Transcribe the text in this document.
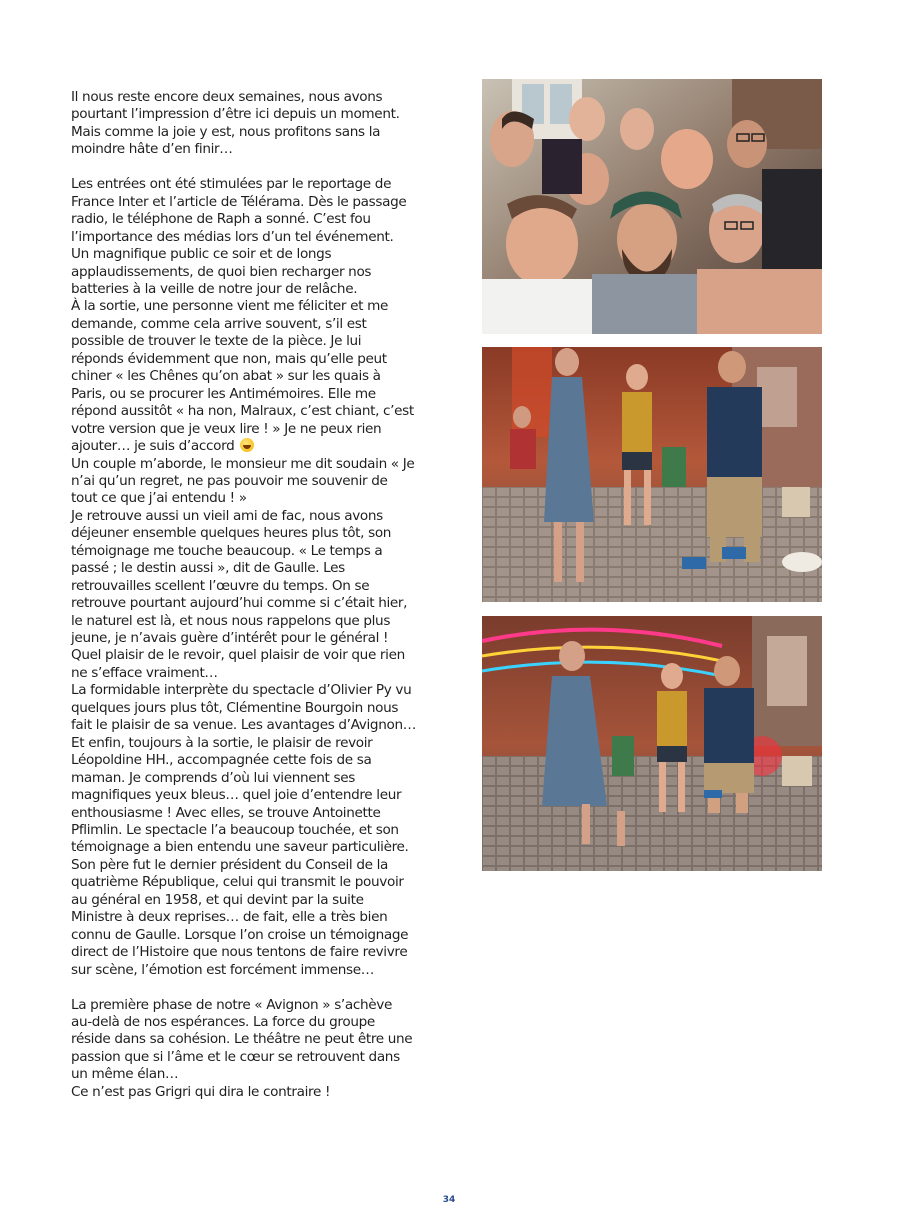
Il nous reste encore deux semaines, nous avons pourtant l’impression d’être ici depuis un moment. Mais comme la joie y est, nous profitons sans la moindre hâte d’en finir…

Les entrées ont été stimulées par le reportage de France Inter et l’article de Télérama. Dès le passage radio, le téléphone de Raph a sonné. C’est fou l’importance des médias lors d’un tel événement.

Un magnifique public ce soir et de longs applaudissements, de quoi bien recharger nos batteries à la veille de notre jour de relâche.

À la sortie, une personne vient me féliciter et me demande, comme cela arrive souvent, s’il est possible de trouver le texte de la pièce. Je lui réponds évidemment que non, mais qu’elle peut chiner « les Chênes qu’on abat » sur les quais à Paris, ou se procurer les Antimémoires. Elle me répond aussitôt « ha non, Malraux, c’est chiant, c’est votre version que je veux lire ! » Je ne peux rien ajouter… je suis d’accord

Un couple m’aborde, le monsieur me dit soudain « Je n’ai qu’un regret, ne pas pouvoir me souvenir de tout ce que j’ai entendu ! »

Je retrouve aussi un vieil ami de fac, nous avons déjeuner ensemble quelques heures plus tôt, son témoignage me touche beaucoup. « Le temps a passé ; le destin aussi », dit de Gaulle. Les retrouvailles scellent l’œuvre du temps. On se retrouve pourtant aujourd’hui comme si c’était hier, le naturel est là, et nous nous rappelons que plus jeune, je n’avais guère d’intérêt pour le général !

Quel plaisir de le revoir, quel plaisir de voir que rien ne s’efface vraiment…

La formidable interprète du spectacle d’Olivier Py vu quelques jours plus tôt, Clémentine Bourgoin nous fait le plaisir de sa venue. Les avantages d’Avignon…

Et enfin, toujours à la sortie, le plaisir de revoir Léopoldine HH., accompagnée cette fois de sa maman. Je comprends d’où lui viennent ses magnifiques yeux bleus… quel joie d’entendre leur enthousiasme ! Avec elles, se trouve Antoinette Pflimlin. Le spectacle l’a beaucoup touchée, et son témoignage a bien entendu une saveur particulière. Son père fut le dernier président du Conseil de la quatrième République, celui qui transmit le pouvoir au général en 1958, et qui devint par la suite Ministre à deux reprises… de fait, elle a très bien connu de Gaulle. Lorsque l’on croise un témoignage direct de l’Histoire que nous tentons de faire revivre sur scène, l’émotion est forcément immense…

La première phase de notre « Avignon » s’achève au-delà de nos espérances. La force du groupe réside dans sa cohésion. Le théâtre ne peut être une passion que si l’âme et le cœur se retrouvent dans un même élan…

Ce n’est pas Grigri qui dira le contraire !

34
